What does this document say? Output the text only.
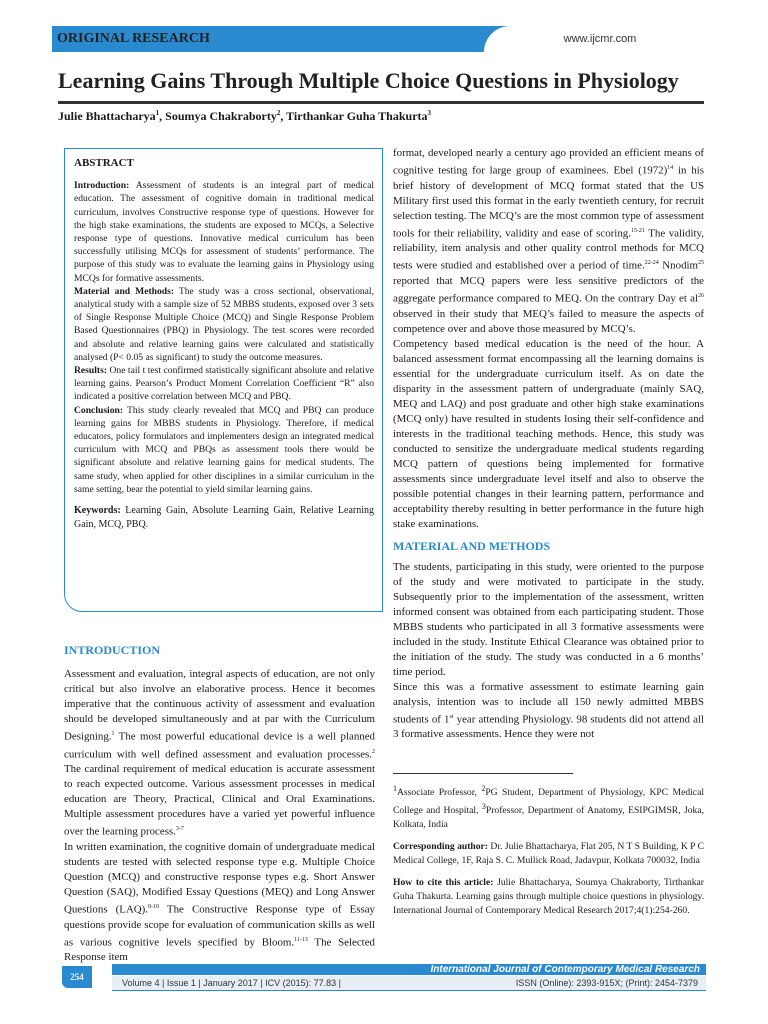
ORIGINAL RESEARCH	www.ijcmr.com
Learning Gains Through Multiple Choice Questions in Physiology
Julie Bhattacharya$^1$, Soumya Chakraborty$^2$, Tirthankar Guha Thakurta$^3$

ABSTRACT

Introduction: Assessment of students is an integral part of medical education. The assessment of cognitive domain in traditional medical curriculum, involves Constructive response type of questions. However for the high stake examinations, the students are exposed to MCQs, a Selective response type of questions. Innovative medical curriculum has been successfully utilising MCQs for assessment of students’ performance. The purpose of this study was to evaluate the learning gains in Physiology using MCQs for formative assessments.

Material and Methods: The study was a cross sectional, observational, analytical study with a sample size of 52 MBBS students, exposed over 3 sets of Single Response Multiple Choice (MCQ) and Single Response Problem Based Questionnaires (PBQ) in Physiology. The test scores were recorded and absolute and relative learning gains were calculated and statistically analysed (P< 0.05 as significant) to study the outcome measures.

Results: One tail t test confirmed statistically significant absolute and relative learning gains. Pearson’s Product Moment Correlation Coefficient “R” also indicated a positive correlation between MCQ and PBQ.

Conclusion: This study clearly revealed that MCQ and PBQ can produce learning gains for MBBS students in Physiology. Therefore, if medical educators, policy formulators and implementers design an integrated medical curriculum with MCQ and PBQs as assessment tools there would be significant absolute and relative learning gains for medical students. The same study, when applied for other disciplines in a similar curriculum in the same setting, bear the potential to yield similar learning gains.

Keywords: Learning Gain, Absolute Learning Gain, Relative Learning Gain, MCQ, PBQ.

INTRODUCTION

Assessment and evaluation, integral aspects of education, are not only critical but also involve an elaborative process. Hence it becomes imperative that the continuous activity of assessment and evaluation should be developed simultaneously and at par with the Curriculum Designing.$^1$ The most powerful educational device is a well planned curriculum with well defined assessment and evaluation processes.$^2$ The cardinal requirement of medical education is accurate assessment to reach expected outcome. Various assessment processes in medical education are Theory, Practical, Clinical and Oral Examinations. Multiple assessment procedures have a varied yet powerful influence over the learning process.$^{3-7}$

In written examination, the cognitive domain of undergraduate medical students are tested with selected response type e.g. Multiple Choice Question (MCQ) and constructive response types e.g. Short Answer Question (SAQ), Modified Essay Questions (MEQ) and Long Answer Questions (LAQ).$^{8-10}$ The Constructive Response type of Essay questions provide scope for evaluation of communication skills as well as various cognitive levels specified by Bloom.$^{11-13}$ The Selected Response item

format, developed nearly a century ago provided an efficient means of cognitive testing for large group of examinees. Ebel $(1972)^{14}$ in his brief history of development of MCQ format stated that the US Military first used this format in the early twentieth century, for recruit selection testing. The MCQ’s are the most common type of assessment tools for their reliability, validity and ease of scoring.$^{15-21}$ The validity, reliability, item analysis and other quality control methods for MCQ tests were studied and established over a period of time.$^{22-24}$ Nnodim$^{25}$ reported that MCQ papers were less sensitive predictors of the aggregate performance compared to MEQ. On the contrary Day et $al^{26}$ observed in their study that MEQ’s failed to measure the aspects of competence over and above those measured by MCQ’s.

Competency based medical education is the need of the hour. A balanced assessment format encompassing all the learning domains is essential for the undergraduate curriculum itself. As on date the disparity in the assessment pattern of undergraduate (mainly SAQ, MEQ and LAQ) and post graduate and other high stake examinations (MCQ only) have resulted in students losing their self-confidence and interests in the traditional teaching methods. Hence, this study was conducted to sensitize the undergraduate medical students regarding MCQ pattern of questions being implemented for formative assessments since undergraduate level itself and also to observe the possible potential changes in their learning pattern, performance and acceptability thereby resulting in better performance in the future high stake examinations.

MATERIAL AND METHODS

The students, participating in this study, were oriented to the purpose of the study and were motivated to participate in the study. Subsequently prior to the implementation of the assessment, written informed consent was obtained from each participating student. Those MBBS students who participated in all 3 formative assessments were included in the study. Institute Ethical Clearance was obtained prior to the initiation of the study. The study was conducted in a 6 months’ time period.

Since this was a formative assessment to estimate learning gain analysis, intention was to include all 150 newly admitted MBBS students of 1st year attending Physiology. 98 students did not attend all 3 formative assessments. Hence they were not

$^1$Associate Professor, $^2$PG Student, Department of Physiology, KPC Medical College and Hospital, $^3$Professor, Department of Anatomy, ESIPGIMSR, Joka, Kolkata, India

Corresponding author: Dr. Julie Bhattacharya, Flat 205, N T S Building, K P C Medical College, 1F, Raja S. C. Mullick Road, Jadavpur, Kolkata 700032, India

How to cite this article: Julie Bhattacharya, Soumya Chakraborty, Tirthankar Guha Thakurta. Learning gains through multiple choice questions in physiology. International Journal of Contemporary Medical Research 2017;4(1):254-260.

254
International Journal of Contemporary Medical Research
Volume 4 | Issue 1 | January 2017 | ICV (2015): 77.83 |	ISSN (Online): 2393-915X; (Print): 2454-7379
